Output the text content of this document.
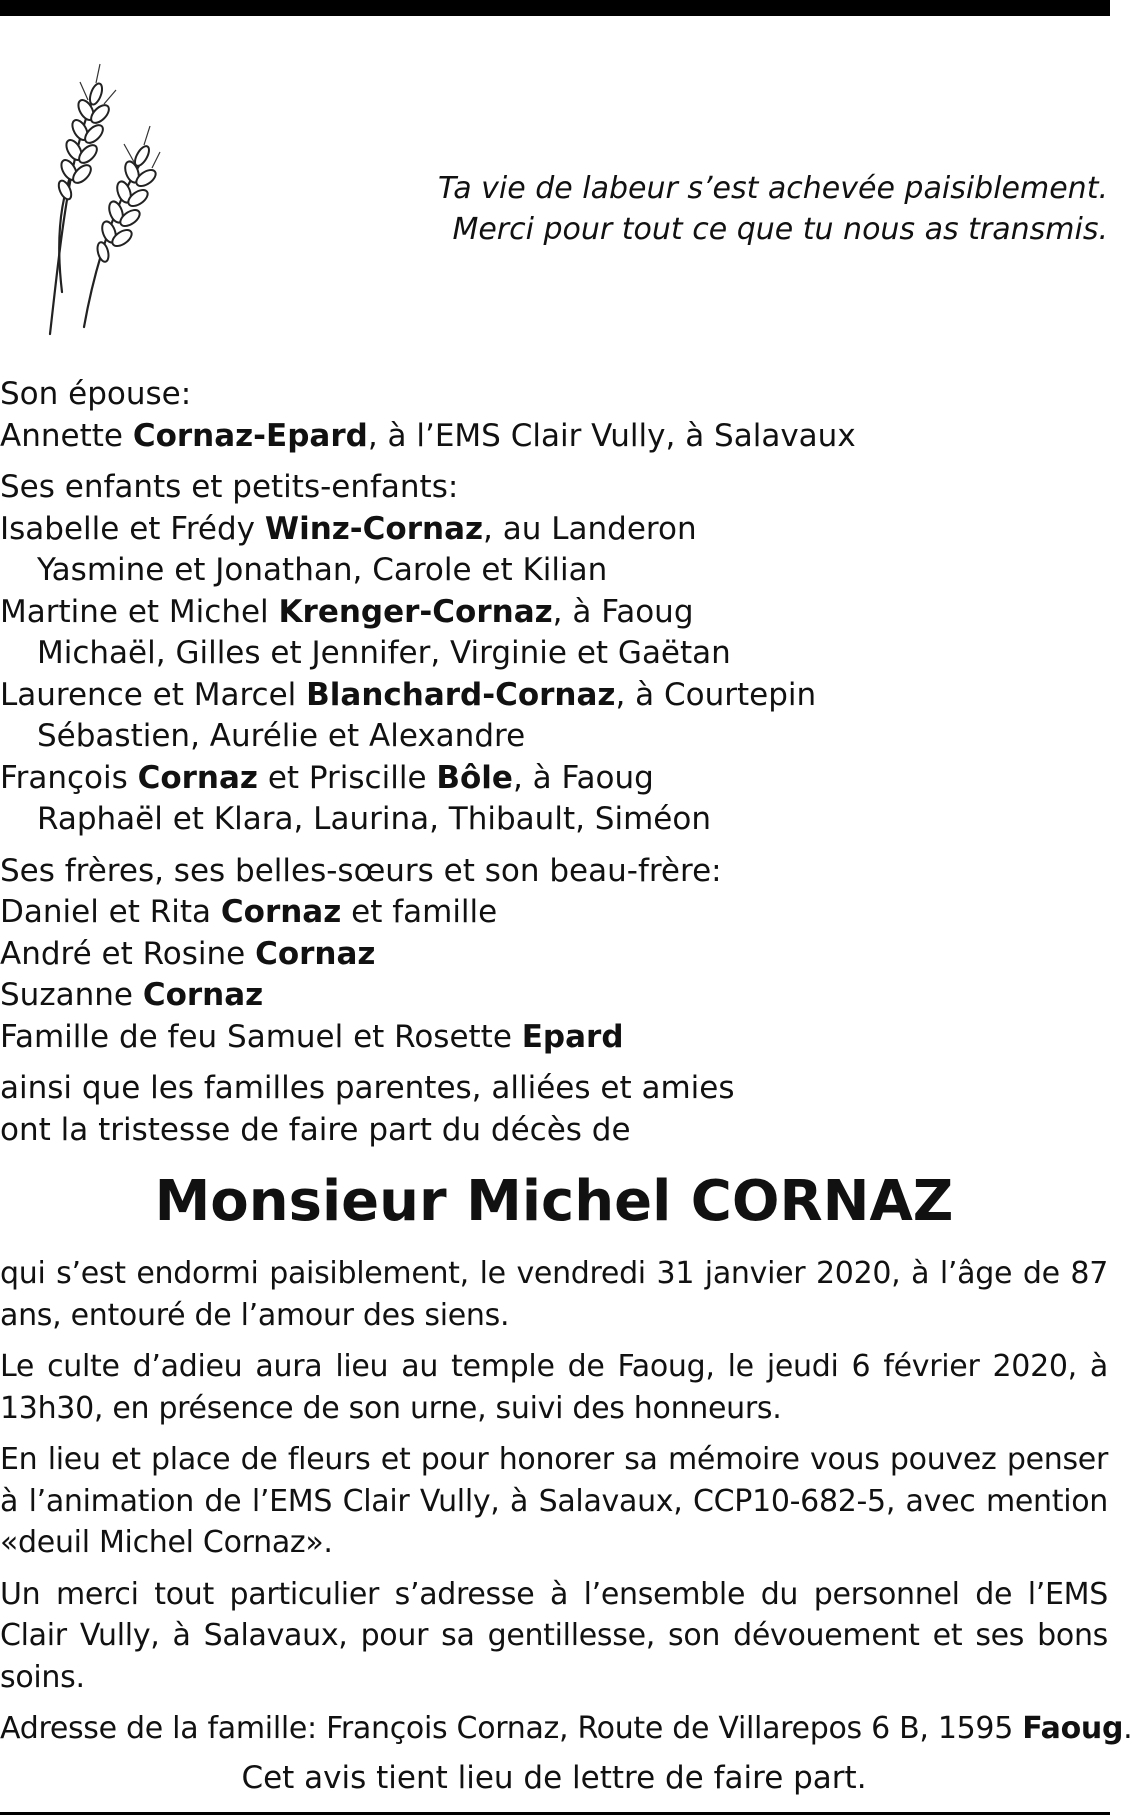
Ta vie de labeur s’est achevée paisiblement.
Merci pour tout ce que tu nous as transmis.
Son épouse:
Annette Cornaz-Epard, à l’EMS Clair Vully, à Salavaux
Ses enfants et petits-enfants:
Isabelle et Frédy Winz-Cornaz, au Landeron
Yasmine et Jonathan, Carole et Kilian
Martine et Michel Krenger-Cornaz, à Faoug
Michaël, Gilles et Jennifer, Virginie et Gaëtan
Laurence et Marcel Blanchard-Cornaz, à Courtepin
Sébastien, Aurélie et Alexandre
François Cornaz et Priscille Bôle, à Faoug
Raphaël et Klara, Laurina, Thibault, Siméon
Ses frères, ses belles-sœurs et son beau-frère:
Daniel et Rita Cornaz et famille
André et Rosine Cornaz
Suzanne Cornaz
Famille de feu Samuel et Rosette Epard
ainsi que les familles parentes, alliées et amies
ont la tristesse de faire part du décès de
Monsieur Michel CORNAZ
qui s’est endormi paisiblement, le vendredi 31 janvier 2020, à l’âge de 87 ans, entouré de l’amour des siens.
Le culte d’adieu aura lieu au temple de Faoug, le jeudi 6 février 2020, à 13h30, en présence de son urne, suivi des honneurs.
En lieu et place de fleurs et pour honorer sa mémoire vous pouvez penser à l’animation de l’EMS Clair Vully, à Salavaux, CCP10-682-5, avec mention «deuil Michel Cornaz».
Un merci tout particulier s’adresse à l’ensemble du personnel de l’EMS Clair Vully, à Salavaux, pour sa gentillesse, son dévouement et ses bons soins.
Adresse de la famille: François Cornaz, Route de Villarepos 6 B, 1595 Faoug.
Cet avis tient lieu de lettre de faire part.
